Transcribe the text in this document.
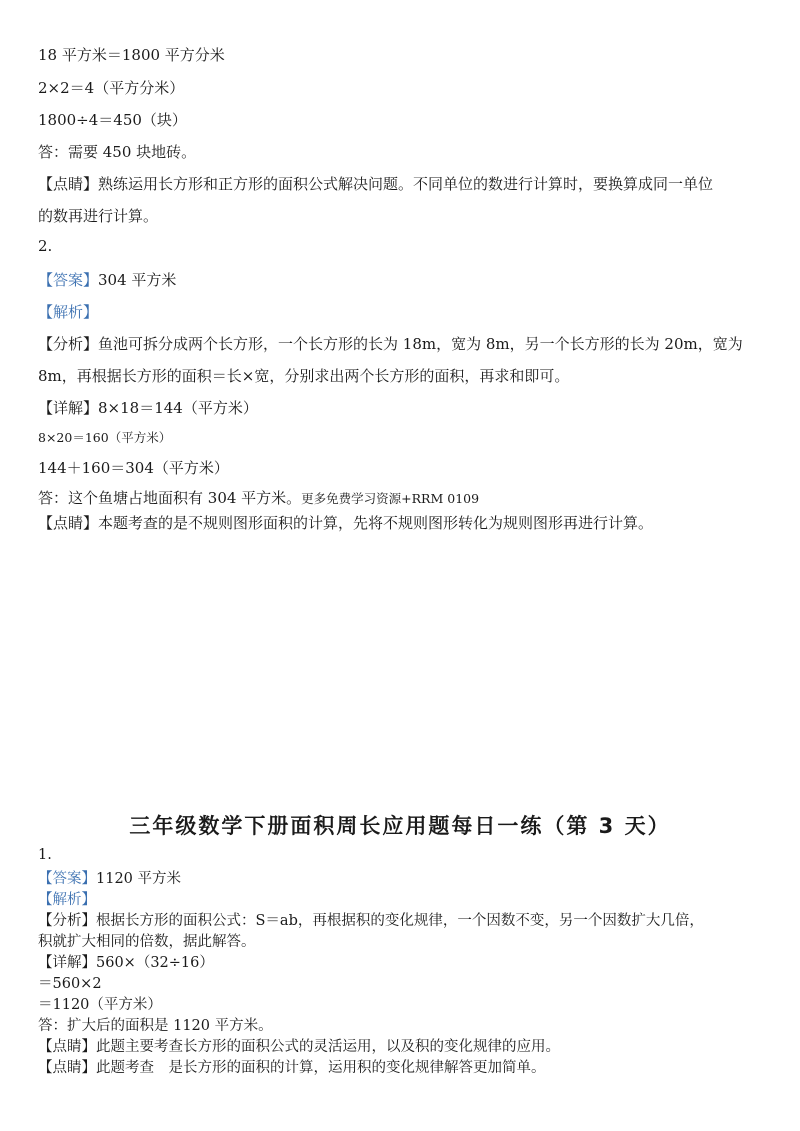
18 平方米＝1800 平方分米
2×2＝4（平方分米）
1800÷4＝450（块）
答：需要 450 块地砖。
【点睛】熟练运用长方形和正方形的面积公式解决问题。不同单位的数进行计算时，要换算成同一单位
的数再进行计算。
2.
【答案】304 平方米
【解析】
【分析】鱼池可拆分成两个长方形，一个长方形的长为 18m，宽为 8m，另一个长方形的长为 20m，宽为
8m，再根据长方形的面积＝长×宽，分别求出两个长方形的面积，再求和即可。
【详解】8×18＝144（平方米）
8×20＝160（平方米）
144＋160＝304（平方米）
答：这个鱼塘占地面积有 304 平方米。更多免费学习资源+RRM 0109
【点睛】本题考查的是不规则图形面积的计算，先将不规则图形转化为规则图形再进行计算。
三年级数学下册面积周长应用题每日一练（第 3 天）
1.
【答案】1120 平方米
【解析】
【分析】根据长方形的面积公式：S＝ab，再根据积的变化规律，一个因数不变，另一个因数扩大几倍，
积就扩大相同的倍数，据此解答。
【详解】560×（32÷16）
＝560×2
＝1120（平方米）
答：扩大后的面积是 1120 平方米。
【点睛】此题主要考查长方形的面积公式的灵活运用，以及积的变化规律的应用。
【点睛】此题考查　是长方形的面积的计算，运用积的变化规律解答更加简单。
